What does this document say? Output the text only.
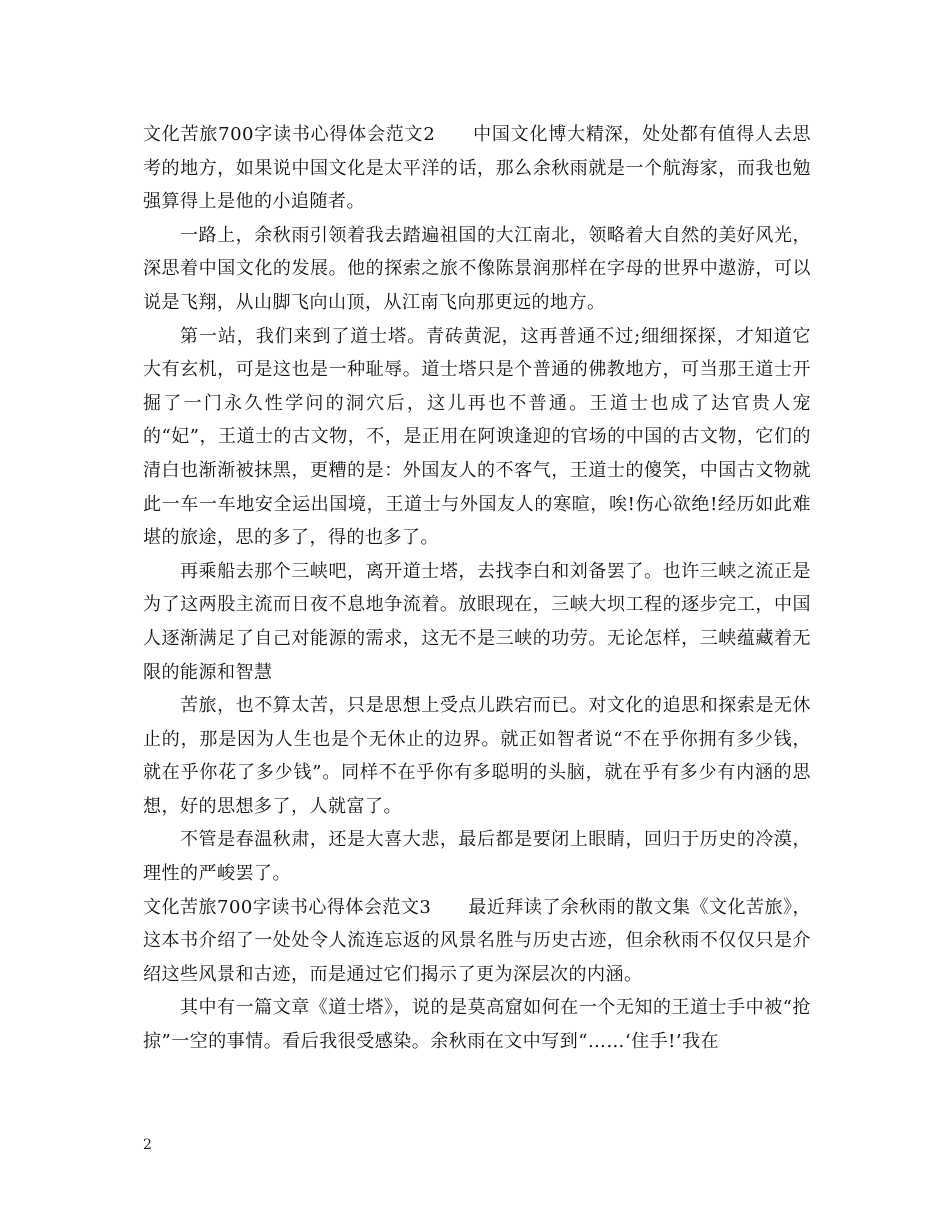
文化苦旅700字读书心得体会范文2　　中国文化博大精深，处处都有值得人去思考的地方，如果说中国文化是太平洋的话，那么余秋雨就是一个航海家，而我也勉强算得上是他的小追随者。

一路上，余秋雨引领着我去踏遍祖国的大江南北，领略着大自然的美好风光，深思着中国文化的发展。他的探索之旅不像陈景润那样在字母的世界中遨游，可以说是飞翔，从山脚飞向山顶，从江南飞向那更远的地方。

第一站，我们来到了道士塔。青砖黄泥，这再普通不过;细细探探，才知道它大有玄机，可是这也是一种耻辱。道士塔只是个普通的佛教地方，可当那王道士开掘了一门永久性学问的洞穴后，这儿再也不普通。王道士也成了达官贵人宠的“妃”，王道士的古文物，不，是正用在阿谀逢迎的官场的中国的古文物，它们的清白也渐渐被抹黑，更糟的是：外国友人的不客气，王道士的傻笑，中国古文物就此一车一车地安全运出国境，王道士与外国友人的寒暄，唉!伤心欲绝!经历如此难堪的旅途，思的多了，得的也多了。

再乘船去那个三峡吧，离开道士塔，去找李白和刘备罢了。也许三峡之流正是为了这两股主流而日夜不息地争流着。放眼现在，三峡大坝工程的逐步完工，中国人逐渐满足了自己对能源的需求，这无不是三峡的功劳。无论怎样，三峡蕴藏着无限的能源和智慧

苦旅，也不算太苦，只是思想上受点儿跌宕而已。对文化的追思和探索是无休止的，那是因为人生也是个无休止的边界。就正如智者说“不在乎你拥有多少钱，就在乎你花了多少钱”。同样不在乎你有多聪明的头脑，就在乎有多少有内涵的思想，好的思想多了，人就富了。

不管是春温秋肃，还是大喜大悲，最后都是要闭上眼睛，回归于历史的冷漠，理性的严峻罢了。

文化苦旅700字读书心得体会范文3　　最近拜读了余秋雨的散文集《文化苦旅》，这本书介绍了一处处令人流连忘返的风景名胜与历史古迹，但余秋雨不仅仅只是介绍这些风景和古迹，而是通过它们揭示了更为深层次的内涵。

其中有一篇文章《道士塔》，说的是莫高窟如何在一个无知的王道士手中被“抢掠”一空的事情。看后我很受感染。余秋雨在文中写到“……‘住手!’我在

2
